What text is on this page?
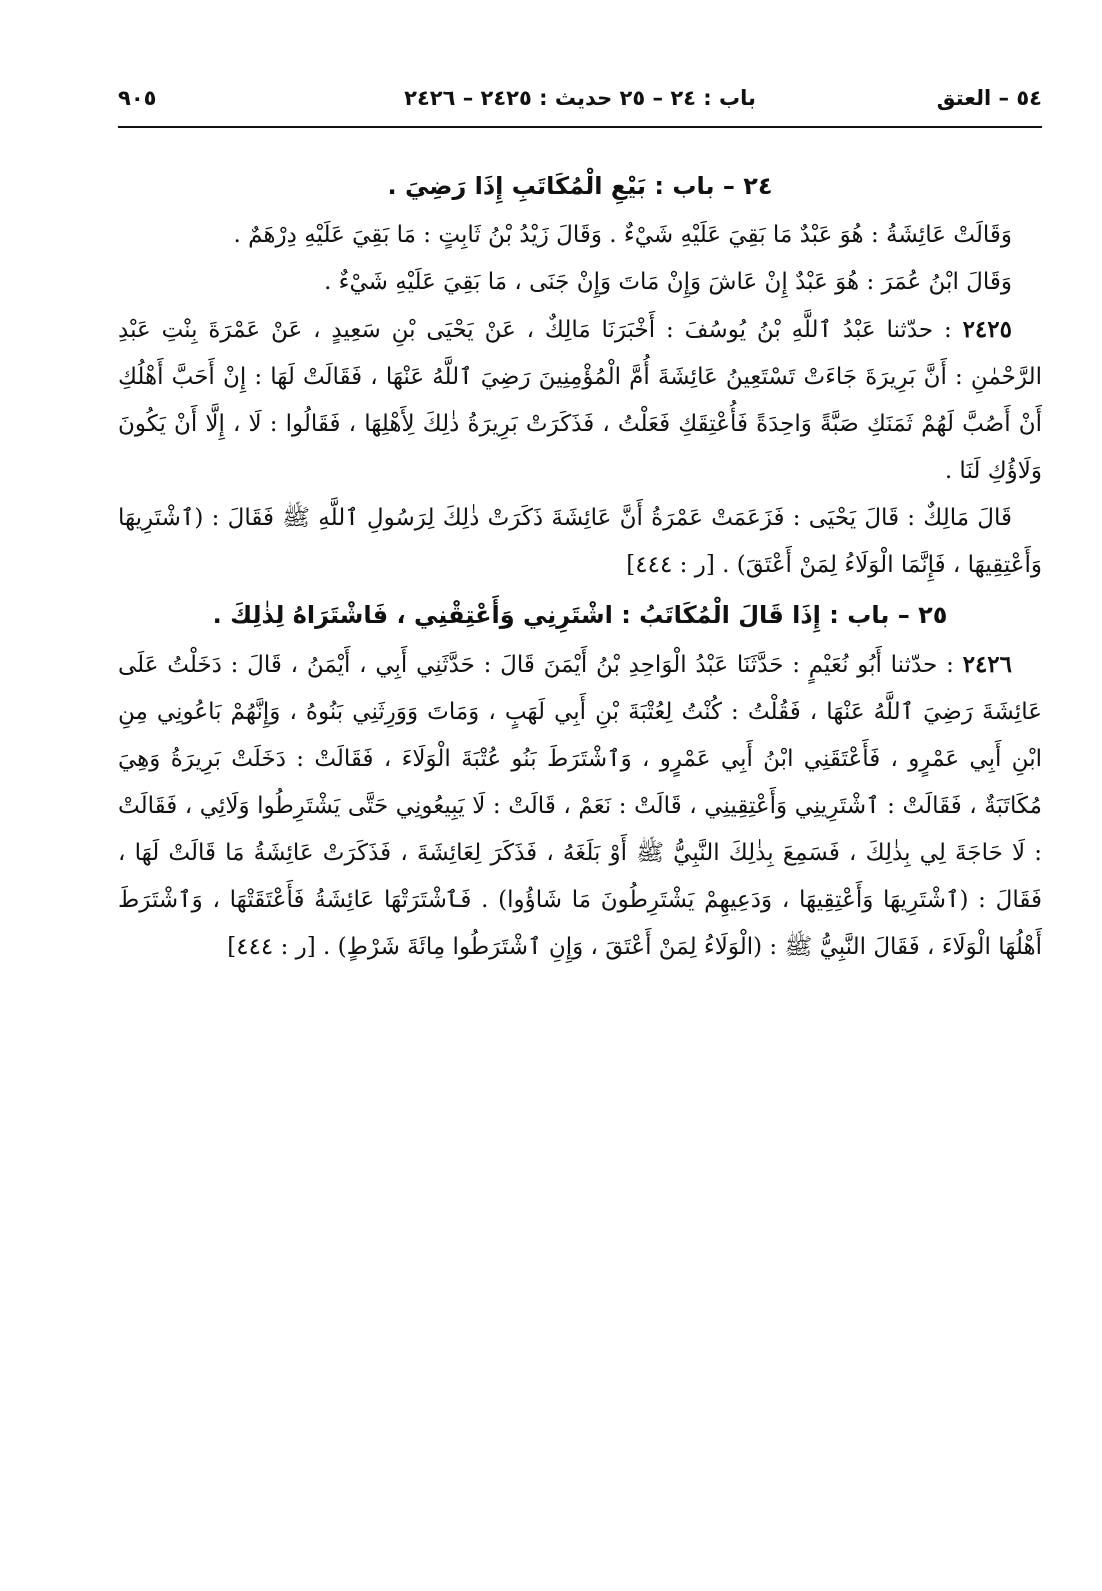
٥٤ – العتق
باب : ٢٤ – ٢٥ حديث : ٢٤٢٥ – ٢٤٢٦
٩٠٥

٢٤ – باب : بَيْعِ الْمُكَاتَبِ إِذَا رَضِيَ .

وَقَالَتْ عَائِشَةُ : هُوَ عَبْدٌ مَا بَقِيَ عَلَيْهِ شَيْءٌ . وَقَالَ زَيْدُ بْنُ ثَابِتٍ : مَا بَقِيَ عَلَيْهِ دِرْهَمٌ .

وَقَالَ ابْنُ عُمَرَ : هُوَ عَبْدٌ إِنْ عَاشَ وَإِنْ مَاتَ وَإِنْ جَنَى ، مَا بَقِيَ عَلَيْهِ شَيْءٌ .

٢٤٢٥ : حدّثنا عَبْدُ ٱللَّهِ بْنُ يُوسُفَ : أَخْبَرَنَا مَالِكٌ ، عَنْ يَحْيَى بْنِ سَعِيدٍ ، عَنْ عَمْرَةَ بِنْتِ عَبْدِ الرَّحْمٰنِ : أَنَّ بَرِيرَةَ جَاءَتْ تَسْتَعِينُ عَائِشَةَ أُمَّ الْمُؤْمِنِينَ رَضِيَ ٱللَّهُ عَنْهَا ، فَقَالَتْ لَهَا : إِنْ أَحَبَّ أَهْلُكِ أَنْ أَصُبَّ لَهُمْ ثَمَنَكِ صَبَّةً وَاحِدَةً فَأُعْتِقَكِ فَعَلْتُ ، فَذَكَرَتْ بَرِيرَةُ ذٰلِكَ لِأَهْلِهَا ، فَقَالُوا : لَا ، إِلَّا أَنْ يَكُونَ وَلَاؤُكِ لَنَا .

قَالَ مَالِكٌ : قَالَ يَحْيَى : فَزَعَمَتْ عَمْرَةُ أَنَّ عَائِشَةَ ذَكَرَتْ ذٰلِكَ لِرَسُولِ ٱللَّهِ ﷺ فَقَالَ : (ٱشْتَرِيهَا وَأَعْتِقِيهَا ، فَإِنَّمَا الْوَلَاءُ لِمَنْ أَعْتَقَ) . [ر : ٤٤٤]

٢٥ – باب : إِذَا قَالَ الْمُكَاتَبُ : اشْتَرِنِي وَأَعْتِقْنِي ، فَاشْتَرَاهُ لِذٰلِكَ .

٢٤٢٦ : حدّثنا أَبُو نُعَيْمٍ : حَدَّثَنَا عَبْدُ الْوَاحِدِ بْنُ أَيْمَنَ قَالَ : حَدَّثَنِي أَبِي ، أَيْمَنُ ، قَالَ : دَخَلْتُ عَلَى عَائِشَةَ رَضِيَ ٱللَّهُ عَنْهَا ، فَقُلْتُ : كُنْتُ لِعُتْبَةَ بْنِ أَبِي لَهَبٍ ، وَمَاتَ وَوَرِثَنِي بَنُوهُ ، وَإِنَّهُمْ بَاعُونِي مِنِ ابْنِ أَبِي عَمْرٍو ، فَأَعْتَقَنِي ابْنُ أَبِي عَمْرٍو ، وَٱشْتَرَطَ بَنُو عُتْبَةَ الْوَلَاءَ ، فَقَالَتْ : دَخَلَتْ بَرِيرَةُ وَهِيَ مُكَاتَبَةٌ ، فَقَالَتْ : ٱشْتَرِينِي وَأَعْتِقِينِي ، قَالَتْ : نَعَمْ ، قَالَتْ : لَا يَبِيعُونِي حَتَّى يَشْتَرِطُوا وَلَائِي ، فَقَالَتْ : لَا حَاجَةَ لِي بِذٰلِكَ ، فَسَمِعَ بِذٰلِكَ النَّبِيُّ ﷺ أَوْ بَلَغَهُ ، فَذَكَرَ لِعَائِشَةَ ، فَذَكَرَتْ عَائِشَةُ مَا قَالَتْ لَهَا ، فَقَالَ : (ٱشْتَرِيهَا وَأَعْتِقِيهَا ، وَدَعِيهِمْ يَشْتَرِطُونَ مَا شَاؤُوا) . فَٱشْتَرَتْهَا عَائِشَةُ فَأَعْتَقَتْهَا ، وَٱشْتَرَطَ أَهْلُهَا الْوَلَاءَ ، فَقَالَ النَّبِيُّ ﷺ : (الْوَلَاءُ لِمَنْ أَعْتَقَ ، وَإِنِ ٱشْتَرَطُوا مِائَةَ شَرْطٍ) . [ر : ٤٤٤]
